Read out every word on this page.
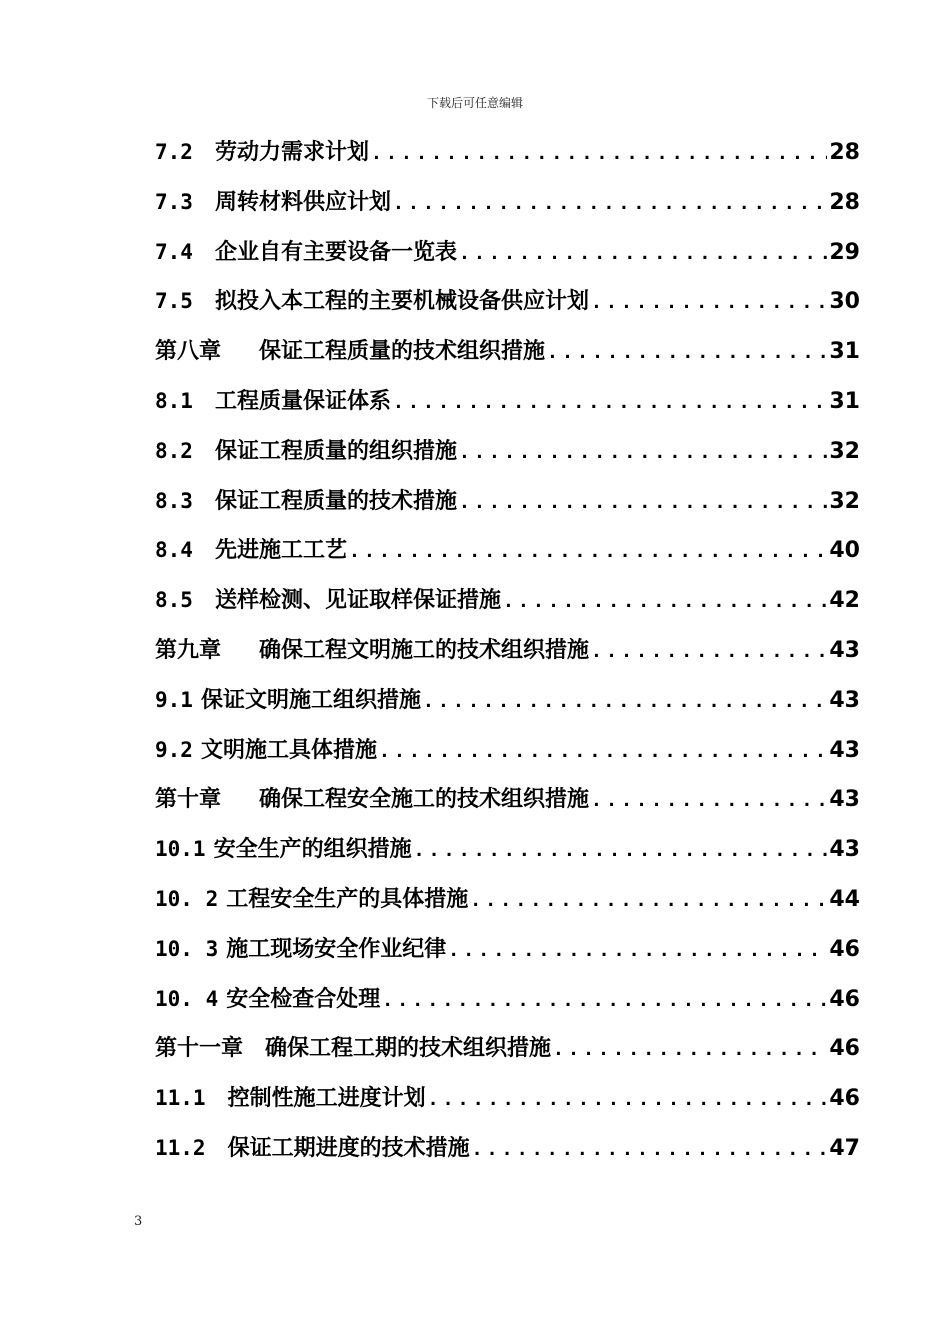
下载后可任意编辑
7.2 劳动力需求计划 .....	28
7.3 周转材料供应计划 .....	28
7.4 企业自有主要设备一览表 .....	29
7.5 拟投入本工程的主要机械设备供应计划 .....	30
第八章 保证工程质量的技术组织措施 .....	31
8.1 工程质量保证体系 .....	31
8.2 保证工程质量的组织措施 .....	32
8.3 保证工程质量的技术措施 .....	32
8.4 先进施工工艺 .....	40
8.5 送样检测、见证取样保证措施 .....	42
第九章 确保工程文明施工的技术组织措施 .....	43
9.1 保证文明施工组织措施 .....	43
9.2 文明施工具体措施 .....	43
第十章 确保工程安全施工的技术组织措施 .....	43
10.1 安全生产的组织措施 .....	43
10. 2 工程安全生产的具体措施 .....	44
10. 3 施工现场安全作业纪律 .....	46
10. 4 安全检查合处理 .....	46
第十一章 确保工程工期的技术组织措施 .....	46
11.1 控制性施工进度计划 .....	46
11.2 保证工期进度的技术措施 .....	47
3
